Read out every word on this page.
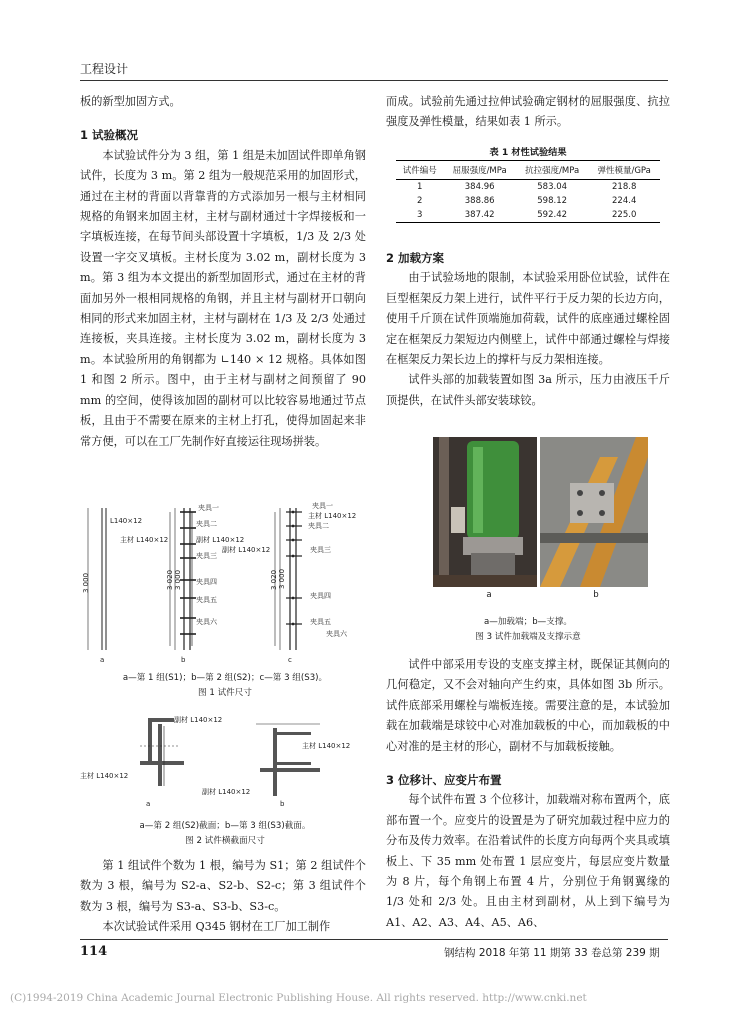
工程设计

板的新型加固方式。

1 试验概况

本试验试件分为 3 组，第 1 组是未加固试件即单角钢试件，长度为 3 m。第 2 组为一般规范采用的加固形式，通过在主材的背面以背靠背的方式添加另一根与主材相同规格的角钢来加固主材，主材与副材通过十字焊接板和一字填板连接，在每节间头部设置十字填板，1/3 及 2/3 处设置一字交叉填板。主材长度为 3.02 m，副材长度为 3 m。第 3 组为本文提出的新型加固形式，通过在主材的背面加另外一根相同规格的角钢，并且主材与副材开口朝向相同的形式来加固主材，主材与副材在 1/3 及 2/3 处通过连接板，夹具连接。主材长度为 3.02 m，副材长度为 3 m。本试验所用的角钢都为 ∟140 × 12 规格。具体如图 1 和图 2 所示。图中，由于主材与副材之间预留了 90 mm 的空间，使得该加固的副材可以比较容易地通过节点板，且由于不需要在原来的主材上打孔，使得加固起来非常方便，可以在工厂先制作好直接运往现场拼装。

L140×12
3 000
a
夹具一
夹具二
主材 L140×12	副材 L140×12
夹具三
夹具四
夹具五
夹具六
3 020 3 000
b
夹具一
主材 L140×12
夹具二
副材 L140×12	夹具三
夹具四
夹具五
夹具六
3 020 3 000
c
a—第 1 组(S1)；b—第 2 组(S2)；c—第 3 组(S3)。
图 1 试件尺寸
副材 L140×12
主材 L140×12
a
主材 L140×12
副材 L140×12
b
a—第 2 组(S2)截面；b—第 3 组(S3)截面。
图 2 试件横截面尺寸

第 1 组试件个数为 1 根，编号为 S1；第 2 组试件个数为 3 根，编号为 S2-a、S2-b、S2-c；第 3 组试件个数为 3 根，编号为 S3-a、S3-b、S3-c。

本次试验试件采用 Q345 钢材在工厂加工制作

而成。试验前先通过拉伸试验确定钢材的屈服强度、抗拉强度及弹性模量，结果如表 1 所示。

表 1 材性试验结果
试件编号	屈服强度/MPa	抗拉强度/MPa	弹性模量/GPa
1	384.96	583.04	218.8
2	388.86	598.12	224.4
3	387.42	592.42	225.0

2 加载方案

由于试验场地的限制，本试验采用卧位试验，试件在巨型框架反力架上进行，试件平行于反力架的长边方向，使用千斤顶在试件顶端施加荷载，试件的底座通过螺栓固定在框架反力架短边内侧壁上，试件中部通过螺栓与焊接在框架反力架长边上的撑杆与反力架相连接。

试件头部的加载装置如图 3a 所示，压力由液压千斤顶提供，在试件头部安装球铰。

a	b
a—加载端；b—支撑。
图 3 试件加载端及支撑示意

试件中部采用专设的支座支撑主材，既保证其侧向的几何稳定，又不会对轴向产生约束，具体如图 3b 所示。试件底部采用螺栓与端板连接。需要注意的是，本试验加载在加载端是球铰中心对准加载板的中心，而加载板的中心对准的是主材的形心，副材不与加载板接触。

3 位移计、应变片布置

每个试件布置 3 个位移计，加载端对称布置两个，底部布置一个。应变片的设置是为了研究加载过程中应力的分布及传力效率。在沿着试件的长度方向每两个夹具或填板上、下 35 mm 处布置 1 层应变片，每层应变片数量为 8 片，每个角钢上布置 4 片，分别位于角钢翼缘的 1/3 处和 2/3 处。且由主材到副材，从上到下编号为 A1、A2、A3、A4、A5、A6、

114	钢结构 2018 年第 11 期第 33 卷总第 239 期
(C)1994-2019 China Academic Journal Electronic Publishing House. All rights reserved. http://www.cnki.net
